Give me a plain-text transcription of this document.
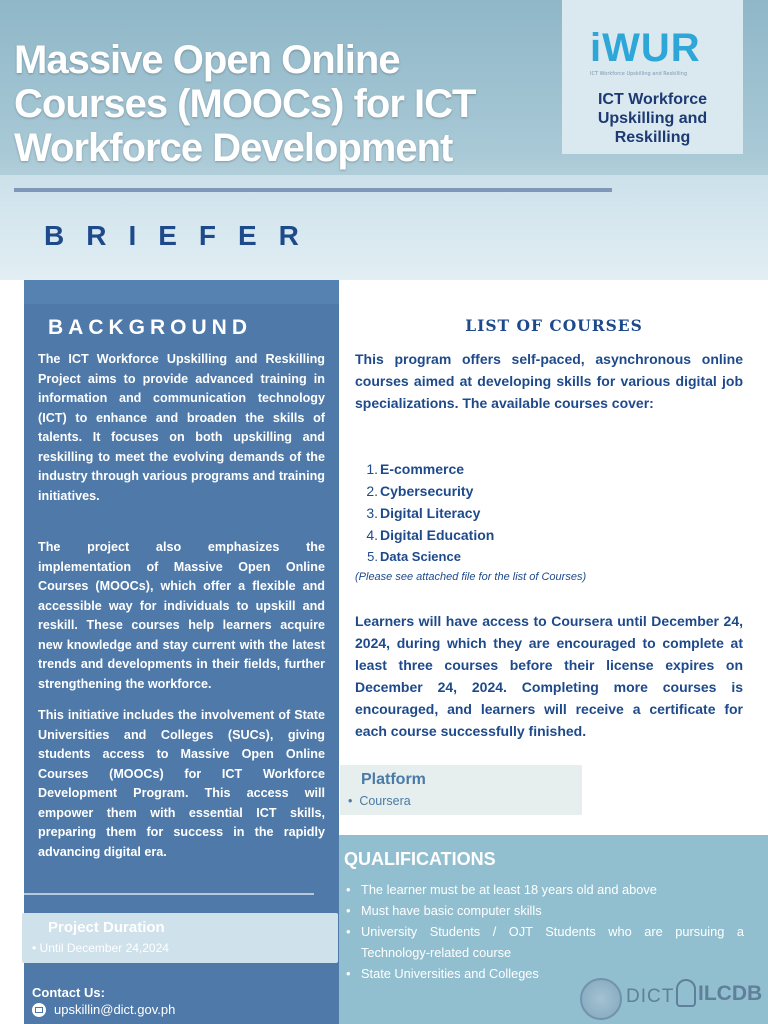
Massive Open Online Courses (MOOCs) for ICT Workforce Development
BRIEFER
iWUR
ICT Workforce Upskilling and Reskilling
ICT Workforce Upskilling and Reskilling
BACKGROUND

The ICT Workforce Upskilling and Reskilling Project aims to provide advanced training in information and communication technology (ICT) to enhance and broaden the skills of talents. It focuses on both upskilling and reskilling to meet the evolving demands of the industry through various programs and training initiatives.

The project also emphasizes the implementation of Massive Open Online Courses (MOOCs), which offer a flexible and accessible way for individuals to upskill and reskill. These courses help learners acquire new knowledge and stay current with the latest trends and developments in their fields, further strengthening the workforce.

This initiative includes the involvement of State Universities and Colleges (SUCs), giving students access to Massive Open Online Courses (MOOCs) for ICT Workforce Development Program. This access will empower them with essential ICT skills, preparing them for success in the rapidly advancing digital era.

Project Duration
• Until December 24,2024
Contact Us:
upskillin@dict.gov.ph
LIST OF COURSES

This program offers self-paced, asynchronous online courses aimed at developing skills for various digital job specializations. The available courses cover:

1. E-commerce
2. Cybersecurity
3. Digital Literacy
4. Digital Education
5. Data Science
(Please see attached file for the list of Courses)

Learners will have access to Coursera until December 24, 2024, during which they are encouraged to complete at least three courses before their license expires on December 24, 2024. Completing more courses is encouraged, and learners will receive a certificate for each course successfully finished.

Platform
•  Coursera
QUALIFICATIONS
• The learner must be at least 18 years old and above
• Must have basic computer skills
• University Students / OJT Students who are pursuing a Technology-related course
• State Universities and Colleges
DICT ILCDB
